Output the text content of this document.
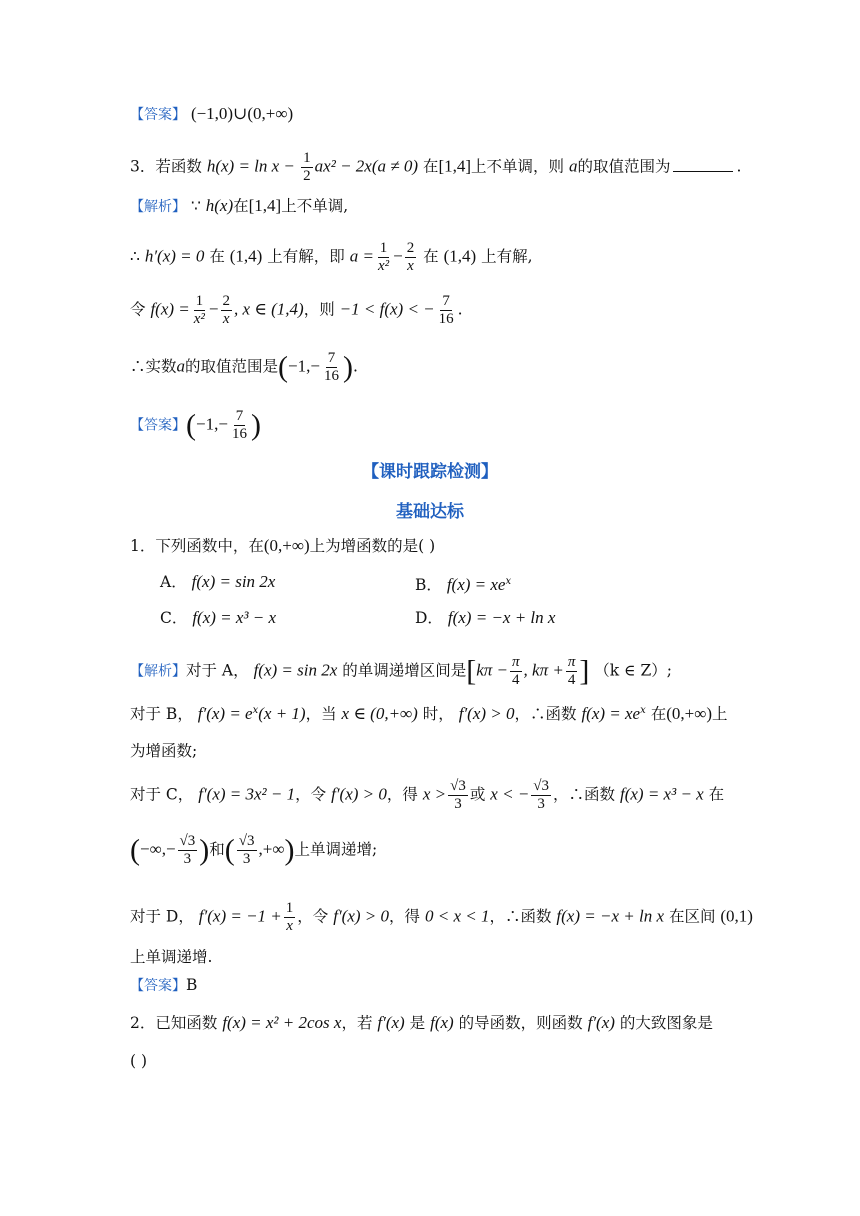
【答案】 (−1,0)∪(0,+∞)
3．若函数 $h(x) = \ln x - \frac{1}{2} ax^2 - 2x(a \ne 0)$ 在[1,4]上不单调，则 a的取值范围为	.
【解析】 ∵ h(x)在[1,4]上不单调,
∴ h′(x) = 0 在 (1,4) 上有解，即 $a = \frac{1}{\text{x²}} - \frac{2}{x}$ 在 (1,4) 上有解,
令 $f(x) = \frac{1}{\text{x²}} - \frac{2}{x}$ , x ∈ (1,4)，则 −1 < f(x) < − $\frac{7}{16}$ .
∴实数a的取值范围是($-1,- \frac{7}{16}$ ).
【答案】($-1,- \frac{7}{16}$ )
【课时跟踪检测】
基础达标
1．下列函数中，在(0,+∞)上为增函数的是( )
A． f(x) = sin 2x	B． $f(x) = xe^x$
C． f(x) = x³ − x	D． f(x) = −x + ln x
【解析】对于 A， f(x) = sin 2x 的单调递增区间是[$k\pi - \frac{\pi}{4}$ , $k\pi + \frac{\pi}{4}$ ] （k ∈ Z）;
对于 B， $f'(x) = e^x(x + 1)$，当 x ∈ (0,+∞) 时， f′(x) > 0，∴函数 $f(x) = xe^x$ 在(0,+∞)上
为增函数;
对于 C， f′(x) = 3x² − 1，令 f′(x) > 0，得 $x > \frac{√3}{3}$ 或 x < − $\frac{√3}{3}$ ，∴函数 f(x) = x³ − x 在
(−∞,− $\frac{√3}{3}$ )和( $\frac{√3}{3}$ ,+∞)上单调递增;
对于 D， $f'(x) = -1 + \frac{1}{x}$ ，令 f′(x) > 0，得 0 < x < 1，∴函数 f(x) = −x + ln x 在区间 (0,1)
上单调递增.
【答案】B
2．已知函数 f(x) = x² + 2cos x，若 f′(x) 是 f(x) 的导函数，则函数 f′(x) 的大致图象是
( )
